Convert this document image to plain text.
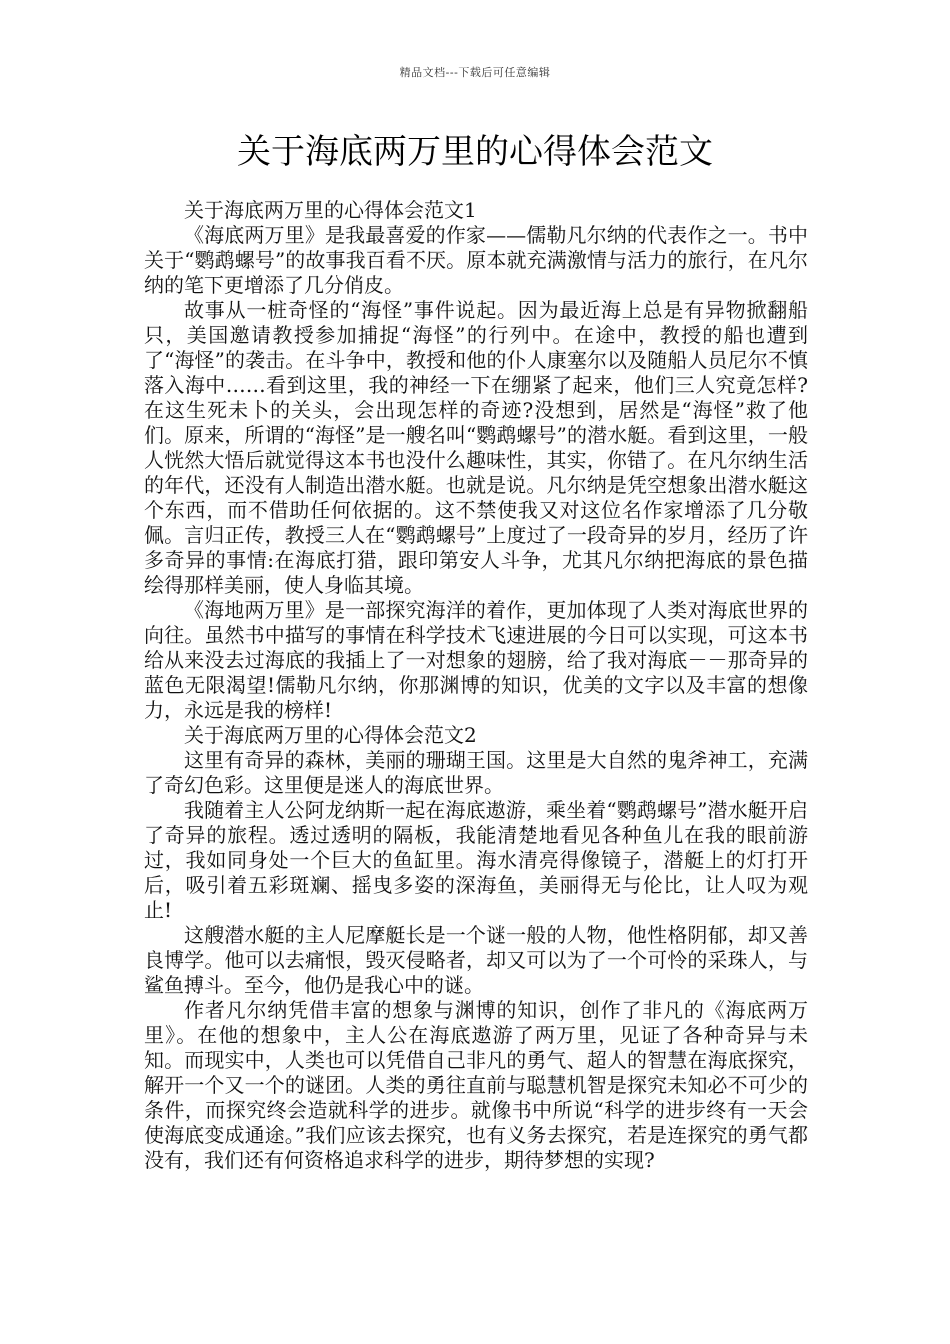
精品文档---下载后可任意编辑
关于海底两万里的心得体会范文

关于海底两万里的心得体会范文1

《海底两万里》是我最喜爱的作家——儒勒凡尔纳的代表作之一。书中关于“鹦鹉螺号”的故事我百看不厌。原本就充满激情与活力的旅行，在凡尔纳的笔下更增添了几分俏皮。

故事从一桩奇怪的“海怪”事件说起。因为最近海上总是有异物掀翻船只，美国邀请教授参加捕捉“海怪”的行列中。在途中，教授的船也遭到了“海怪”的袭击。在斗争中，教授和他的仆人康塞尔以及随船人员尼尔不慎落入海中……看到这里，我的神经一下在绷紧了起来，他们三人究竟怎样?在这生死未卜的关头，会出现怎样的奇迹?没想到，居然是“海怪”救了他们。原来，所谓的“海怪”是一艘名叫“鹦鹉螺号”的潜水艇。看到这里，一般人恍然大悟后就觉得这本书也没什么趣味性，其实，你错了。在凡尔纳生活的年代，还没有人制造出潜水艇。也就是说。凡尔纳是凭空想象出潜水艇这个东西，而不借助任何依据的。这不禁使我又对这位名作家增添了几分敬佩。言归正传，教授三人在“鹦鹉螺号”上度过了一段奇异的岁月，经历了许多奇异的事情:在海底打猎，跟印第安人斗争，尤其凡尔纳把海底的景色描绘得那样美丽，使人身临其境。

《海地两万里》是一部探究海洋的着作，更加体现了人类对海底世界的向往。虽然书中描写的事情在科学技术飞速进展的今日可以实现，可这本书给从来没去过海底的我插上了一对想象的翅膀，给了我对海底－－那奇异的蓝色无限渴望!儒勒凡尔纳，你那渊博的知识，优美的文字以及丰富的想像力，永远是我的榜样!

关于海底两万里的心得体会范文2

这里有奇异的森林，美丽的珊瑚王国。这里是大自然的鬼斧神工，充满了奇幻色彩。这里便是迷人的海底世界。

我随着主人公阿龙纳斯一起在海底遨游，乘坐着“鹦鹉螺号”潜水艇开启了奇异的旅程。透过透明的隔板，我能清楚地看见各种鱼儿在我的眼前游过，我如同身处一个巨大的鱼缸里。海水清亮得像镜子，潜艇上的灯打开后，吸引着五彩斑斓、摇曳多姿的深海鱼，美丽得无与伦比，让人叹为观止!

这艘潜水艇的主人尼摩艇长是一个谜一般的人物，他性格阴郁，却又善良博学。他可以去痛恨，毁灭侵略者，却又可以为了一个可怜的采珠人，与鲨鱼搏斗。至今，他仍是我心中的谜。

作者凡尔纳凭借丰富的想象与渊博的知识，创作了非凡的《海底两万里》。在他的想象中，主人公在海底遨游了两万里，见证了各种奇异与未知。而现实中，人类也可以凭借自己非凡的勇气、超人的智慧在海底探究，解开一个又一个的谜团。人类的勇往直前与聪慧机智是探究未知必不可少的条件，而探究终会造就科学的进步。就像书中所说“科学的进步终有一天会使海底变成通途。”我们应该去探究，也有义务去探究，若是连探究的勇气都没有，我们还有何资格追求科学的进步，期待梦想的实现?
